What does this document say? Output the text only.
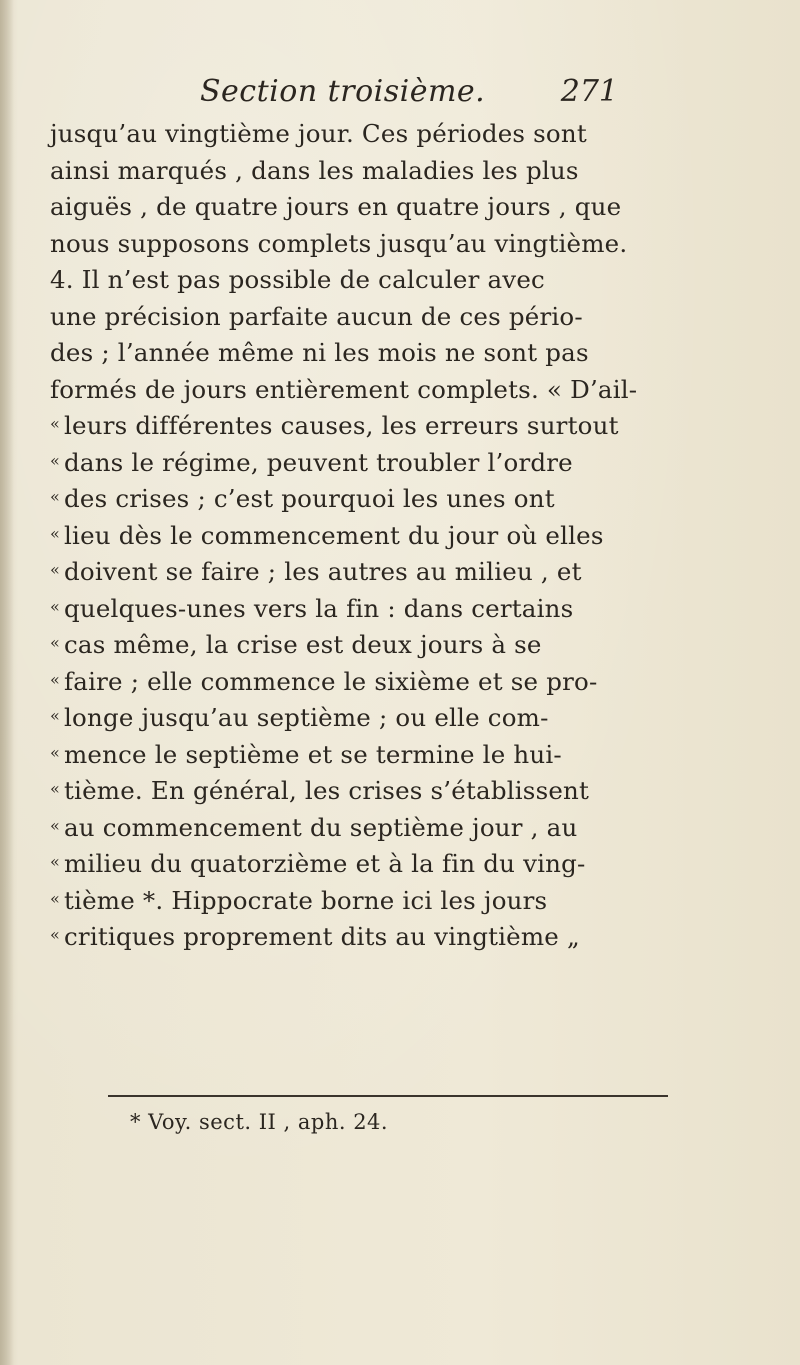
Section troisième.	271
jusqu’au vingtième jour. Ces périodes sont
ainsi marqués , dans les maladies les plus
aiguës , de quatre jours en quatre jours , que
nous supposons complets jusqu’au vingtième.
4. Il n’est pas possible de calculer avec
une précision parfaite aucun de ces pério-
des ; l’année même ni les mois ne sont pas
formés de jours entièrement complets. « D’ail-
« leurs différentes causes, les erreurs surtout
« dans le régime, peuvent troubler l’ordre
« des crises ; c’est pourquoi les unes ont
« lieu dès le commencement du jour où elles
« doivent se faire ; les autres au milieu , et
« quelques-unes vers la fin : dans certains
« cas même, la crise est deux jours à se
« faire ; elle commence le sixième et se pro-
« longe jusqu’au septième ; ou elle com-
« mence le septième et se termine le hui-
« tième. En général, les crises s’établissent
« au commencement du septième jour , au
« milieu du quatorzième et à la fin du ving-
« tième *. Hippocrate borne ici les jours
« critiques proprement dits au vingtième „
* Voy. sect. II , aph. 24.
